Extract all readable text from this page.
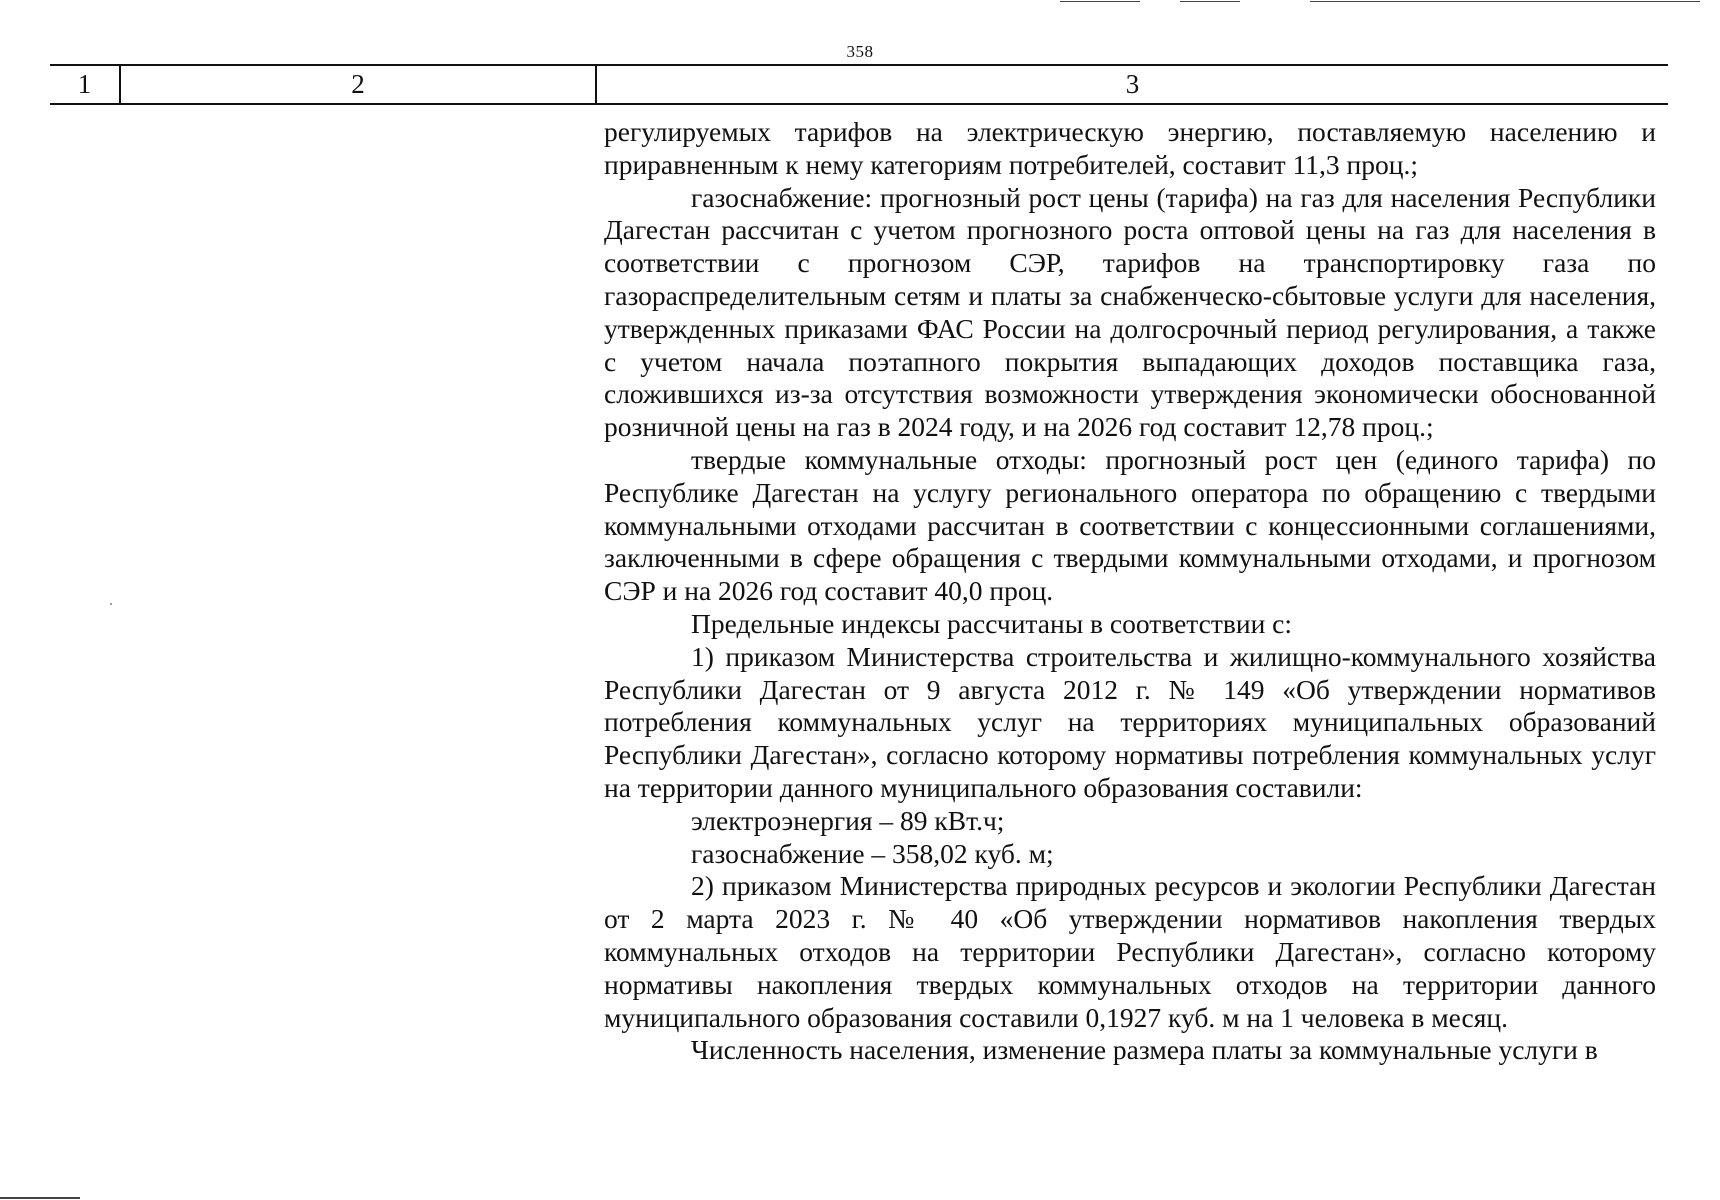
358
1	2	3

регулируемых тарифов на электрическую энергию, поставляемую населению и приравненным к нему категориям потребителей, составит 11,3 проц.;

газоснабжение: прогнозный рост цены (тарифа) на газ для населения Республики Дагестан рассчитан с учетом прогнозного роста оптовой цены на газ для населения в соответствии с прогнозом СЭР, тарифов на транспортировку газа по газораспределительным сетям и платы за снабженческо-сбытовые услуги для населения, утвержденных приказами ФАС России на долгосрочный период регулирования, а также с учетом начала поэтапного покрытия выпадающих доходов поставщика газа, сложившихся из-за отсутствия возможности утверждения экономически обоснованной розничной цены на газ в 2024 году, и на 2026 год составит 12,78 проц.;

твердые коммунальные отходы: прогнозный рост цен (единого тарифа) по Республике Дагестан на услугу регионального оператора по обращению с твердыми коммунальными отходами рассчитан в соответствии с концессионными соглашениями, заключенными в сфере обращения с твердыми коммунальными отходами, и прогнозом СЭР и на 2026 год составит 40,0 проц.

Предельные индексы рассчитаны в соответствии с:

1) приказом Министерства строительства и жилищно-коммунального хозяйства Республики Дагестан от 9 августа 2012 г. № 149 «Об утверждении нормативов потребления коммунальных услуг на территориях муниципальных образований Республики Дагестан», согласно которому нормативы потребления коммунальных услуг на территории данного муниципального образования составили:

электроэнергия – 89 кВт.ч;

газоснабжение – 358,02 куб. м;

2) приказом Министерства природных ресурсов и экологии Республики Дагестан от 2 марта 2023 г. № 40 «Об утверждении нормативов накопления твердых коммунальных отходов на территории Республики Дагестан», согласно которому нормативы накопления твердых коммунальных отходов на территории данного муниципального образования составили 0,1927 куб. м на 1 человека в месяц.

Численность населения, изменение размера платы за коммунальные услуги в
